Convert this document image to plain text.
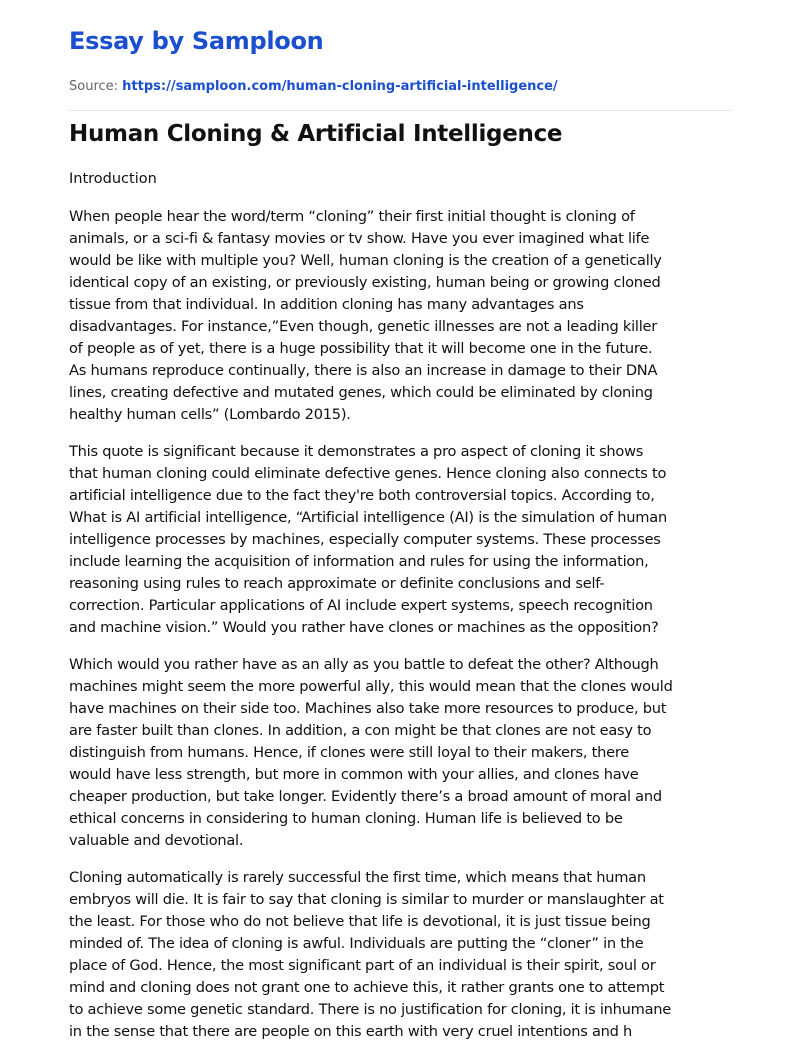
Essay by Samploon
Source: https://samploon.com/human-cloning-artificial-intelligence/
Human Cloning & Artificial Intelligence
Introduction
When people hear the word/term “cloning” their first initial thought is cloning of
animals, or a sci-fi & fantasy movies or tv show. Have you ever imagined what life
would be like with multiple you? Well, human cloning is the creation of a genetically
identical copy of an existing, or previously existing, human being or growing cloned
tissue from that individual. In addition cloning has many advantages ans
disadvantages. For instance,”Even though, genetic illnesses are not a leading killer
of people as of yet, there is a huge possibility that it will become one in the future.
As humans reproduce continually, there is also an increase in damage to their DNA
lines, creating defective and mutated genes, which could be eliminated by cloning
healthy human cells” (Lombardo 2015).
This quote is significant because it demonstrates a pro aspect of cloning it shows
that human cloning could eliminate defective genes. Hence cloning also connects to
artificial intelligence due to the fact they're both controversial topics. According to,
What is AI artificial intelligence, “Artificial intelligence (AI) is the simulation of human
intelligence processes by machines, especially computer systems. These processes
include learning the acquisition of information and rules for using the information,
reasoning using rules to reach approximate or definite conclusions and self-
correction. Particular applications of AI include expert systems, speech recognition
and machine vision.” Would you rather have clones or machines as the opposition?
Which would you rather have as an ally as you battle to defeat the other? Although
machines might seem the more powerful ally, this would mean that the clones would
have machines on their side too. Machines also take more resources to produce, but
are faster built than clones. In addition, a con might be that clones are not easy to
distinguish from humans. Hence, if clones were still loyal to their makers, there
would have less strength, but more in common with your allies, and clones have
cheaper production, but take longer. Evidently there’s a broad amount of moral and
ethical concerns in considering to human cloning. Human life is believed to be
valuable and devotional.
Cloning automatically is rarely successful the first time, which means that human
embryos will die. It is fair to say that cloning is similar to murder or manslaughter at
the least. For those who do not believe that life is devotional, it is just tissue being
minded of. The idea of cloning is awful. Individuals are putting the “cloner” in the
place of God. Hence, the most significant part of an individual is their spirit, soul or
mind and cloning does not grant one to achieve this, it rather grants one to attempt
to achieve some genetic standard. There is no justification for cloning, it is inhumane
in the sense that there are people on this earth with very cruel intentions and h
